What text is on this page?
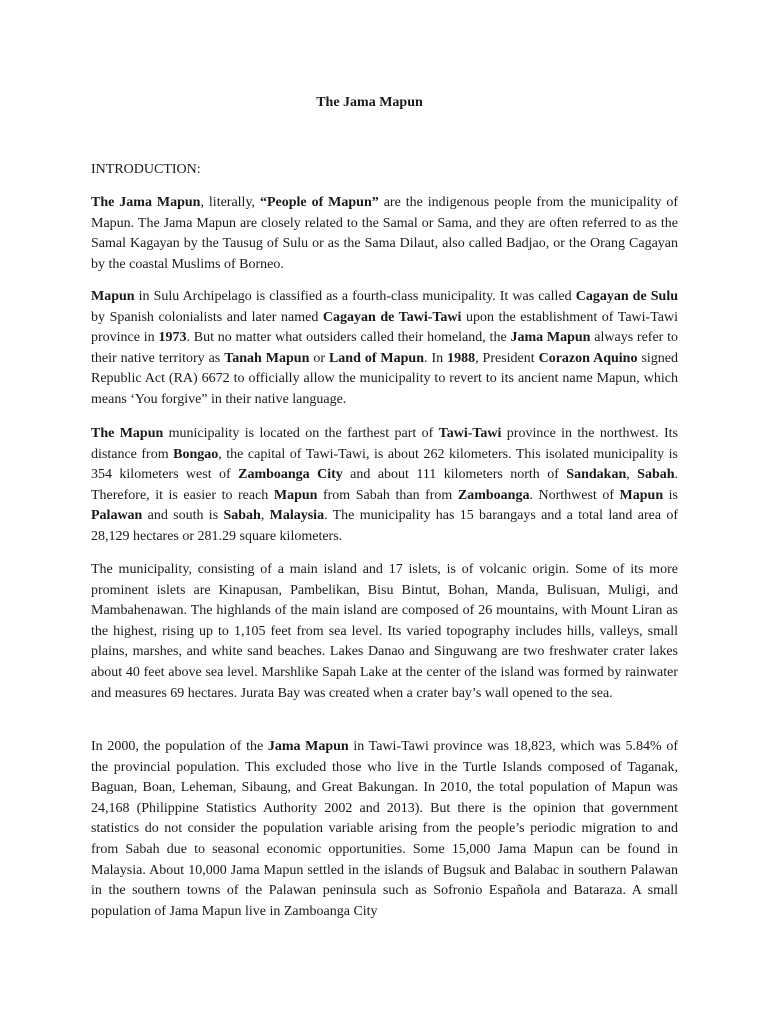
The Jama Mapun
INTRODUCTION:

The Jama Mapun, literally, “People of Mapun” are the indigenous people from the municipality of Mapun. The Jama Mapun are closely related to the Samal or Sama, and they are often referred to as the Samal Kagayan by the Tausug of Sulu or as the Sama Dilaut, also called Badjao, or the Orang Cagayan by the coastal Muslims of Borneo.

Mapun in Sulu Archipelago is classified as a fourth-class municipality. It was called Cagayan de Sulu by Spanish colonialists and later named Cagayan de Tawi-Tawi upon the establishment of Tawi-Tawi province in 1973. But no matter what outsiders called their homeland, the Jama Mapun always refer to their native territory as Tanah Mapun or Land of Mapun. In 1988, President Corazon Aquino signed Republic Act (RA) 6672 to officially allow the municipality to revert to its ancient name Mapun, which means ‘You forgive” in their native language.

The Mapun municipality is located on the farthest part of Tawi-Tawi province in the northwest. Its distance from Bongao, the capital of Tawi-Tawi, is about 262 kilometers. This isolated municipality is 354 kilometers west of Zamboanga City and about 111 kilometers north of Sandakan, Sabah. Therefore, it is easier to reach Mapun from Sabah than from Zamboanga. Northwest of Mapun is Palawan and south is Sabah, Malaysia. The municipality has 15 barangays and a total land area of 28,129 hectares or 281.29 square kilometers.

The municipality, consisting of a main island and 17 islets, is of volcanic origin. Some of its more prominent islets are Kinapusan, Pambelikan, Bisu Bintut, Bohan, Manda, Bulisuan, Muligi, and Mambahenawan. The highlands of the main island are composed of 26 mountains, with Mount Liran as the highest, rising up to 1,105 feet from sea level. Its varied topography includes hills, valleys, small plains, marshes, and white sand beaches. Lakes Danao and Singuwang are two freshwater crater lakes about 40 feet above sea level. Marshlike Sapah Lake at the center of the island was formed by rainwater and measures 69 hectares. Jurata Bay was created when a crater bay’s wall opened to the sea.

In 2000, the population of the Jama Mapun in Tawi-Tawi province was 18,823, which was 5.84% of the provincial population. This excluded those who live in the Turtle Islands composed of Taganak, Baguan, Boan, Leheman, Sibaung, and Great Bakungan. In 2010, the total population of Mapun was 24,168 (Philippine Statistics Authority 2002 and 2013). But there is the opinion that government statistics do not consider the population variable arising from the people’s periodic migration to and from Sabah due to seasonal economic opportunities. Some 15,000 Jama Mapun can be found in Malaysia. About 10,000 Jama Mapun settled in the islands of Bugsuk and Balabac in southern Palawan in the southern towns of the Palawan peninsula such as Sofronio Española and Bataraza. A small population of Jama Mapun live in Zamboanga City
